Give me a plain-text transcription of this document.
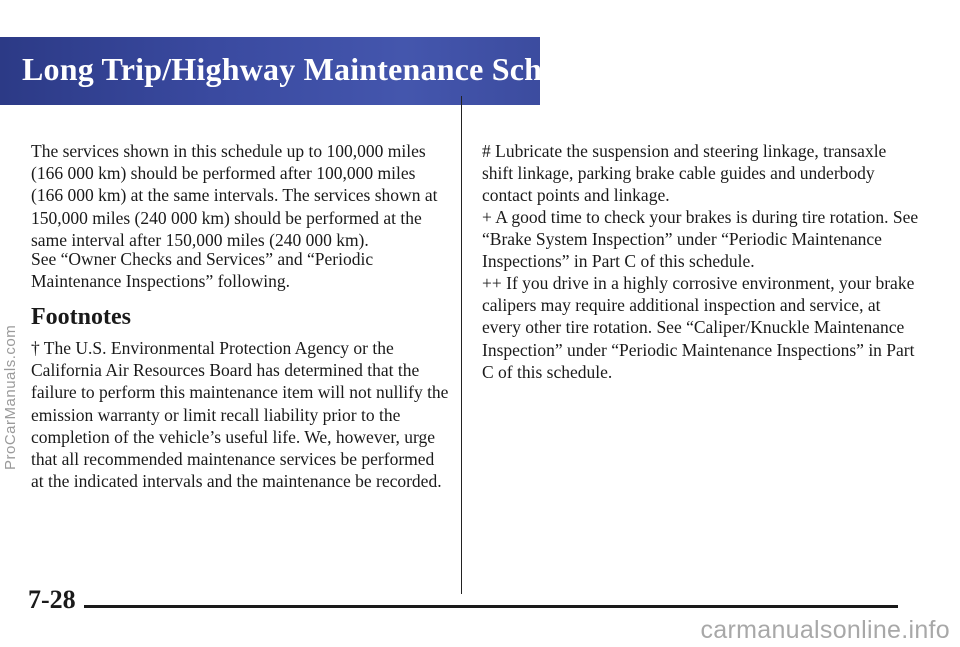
Long Trip/Highway Maintenance Schedule

The services shown in this schedule up to 100,000 miles (166 000 km) should be performed after 100,000 miles (166 000 km) at the same intervals. The services shown at 150,000 miles (240 000 km) should be performed at the same interval after 150,000 miles (240 000 km).

See “Owner Checks and Services” and “Periodic Maintenance Inspections” following.

Footnotes

† The U.S. Environmental Protection Agency or the California Air Resources Board has determined that the failure to perform this maintenance item will not nullify the emission warranty or limit recall liability prior to the completion of the vehicle’s useful life. We, however, urge that all recommended maintenance services be performed at the indicated intervals and the maintenance be recorded.

# Lubricate the suspension and steering linkage, transaxle shift linkage, parking brake cable guides and underbody contact points and linkage.

+ A good time to check your brakes is during tire rotation. See “Brake System Inspection” under “Periodic Maintenance Inspections” in Part C of this schedule.

++ If you drive in a highly corrosive environment, your brake calipers may require additional inspection and service, at every other tire rotation. See “Caliper/Knuckle Maintenance Inspection” under “Periodic Maintenance Inspections” in Part C of this schedule.

7-28
ProCarManuals.com
carmanualsonline.info
